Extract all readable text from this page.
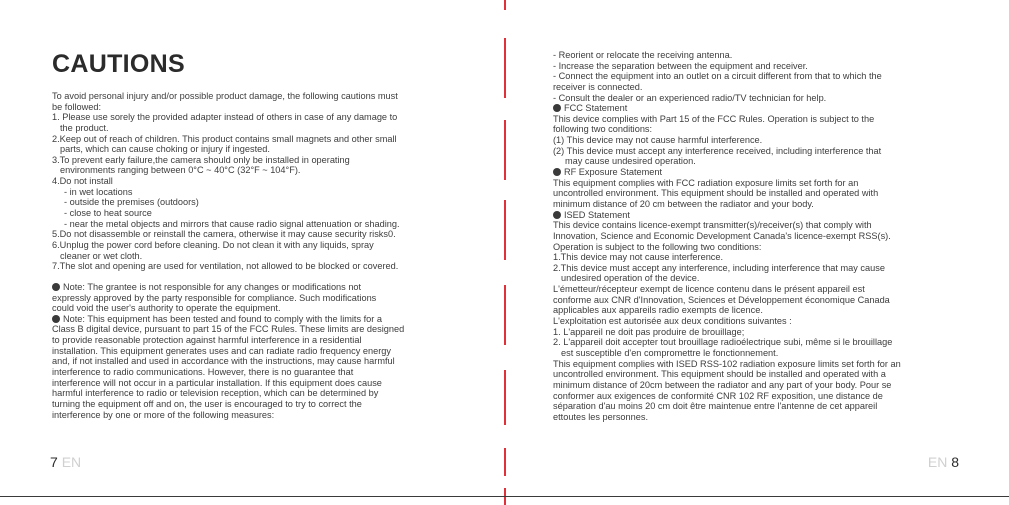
CAUTIONS
To avoid personal injury and/or possible product damage, the following cautions must
be followed:
1. Please use sorely the provided adapter instead of others in case of any damage to
the product.
2.Keep out of reach of children. This product contains small magnets and other small
parts, which can cause choking or injury if ingested.
3.To prevent early failure,the camera should only be installed in operating
environments ranging between 0°C ~ 40°C (32°F ~ 104°F).
4.Do not install
- in wet locations
- outside the premises (outdoors)
- close to heat source
- near the metal objects and mirrors that cause radio signal attenuation or shading.
5.Do not disassemble or reinstall the camera, otherwise it may cause security risks0.
6.Unplug the power cord before cleaning. Do not clean it with any liquids, spray
cleaner or wet cloth.
7.The slot and opening are used for ventilation, not allowed to be blocked or covered.
Note: The grantee is not responsible for any changes or modifications not
expressly approved by the party responsible for compliance. Such modifications
could void the user's authority to operate the equipment.
Note: This equipment has been tested and found to comply with the limits for a
Class B digital device, pursuant to part 15 of the FCC Rules. These limits are designed
to provide reasonable protection against harmful interference in a residential
installation. This equipment generates uses and can radiate radio frequency energy
and, if not installed and used in accordance with the instructions, may cause harmful
interference to radio communications. However, there is no guarantee that
interference will not occur in a particular installation. If this equipment does cause
harmful interference to radio or television reception, which can be determined by
turning the equipment off and on, the user is encouraged to try to correct the
interference by one or more of the following measures:
7 EN
- Reorient or relocate the receiving antenna.
- Increase the separation between the equipment and receiver.
- Connect the equipment into an outlet on a circuit different from that to which the
receiver is connected.
- Consult the dealer or an experienced radio/TV technician for help.
FCC Statement
This device complies with Part 15 of the FCC Rules. Operation is subject to the
following two conditions:
(1) This device may not cause harmful interference.
(2) This device must accept any interference received, including interference that
may cause undesired operation.
RF Exposure Statement
This equipment complies with FCC radiation exposure limits set forth for an
uncontrolled environment. This equipment should be installed and operated with
minimum distance of 20 cm between the radiator and your body.
ISED Statement
This device contains licence-exempt transmitter(s)/receiver(s) that comply with
Innovation, Science and Economic Development Canada's licence-exempt RSS(s).
Operation is subject to the following two conditions:
1.This device may not cause interference.
2.This device must accept any interference, including interference that may cause
undesired operation of the device.
L'émetteur/récepteur exempt de licence contenu dans le présent appareil est
conforme aux CNR d'Innovation, Sciences et Développement économique Canada
applicables aux appareils radio exempts de licence.
L'exploitation est autorisée aux deux conditions suivantes :
1. L'appareil ne doit pas produire de brouillage;
2. L'appareil doit accepter tout brouillage radioélectrique subi, même si le brouillage
est susceptible d'en compromettre le fonctionnement.
This equipment complies with ISED RSS-102 radiation exposure limits set forth for an
uncontrolled environment. This equipment should be installed and operated with a
minimum distance of 20cm between the radiator and any part of your body. Pour se
conformer aux exigences de conformité CNR 102 RF exposition, une distance de
séparation d'au moins 20 cm doit être maintenue entre l'antenne de cet appareil
ettoutes les personnes.
EN 8
